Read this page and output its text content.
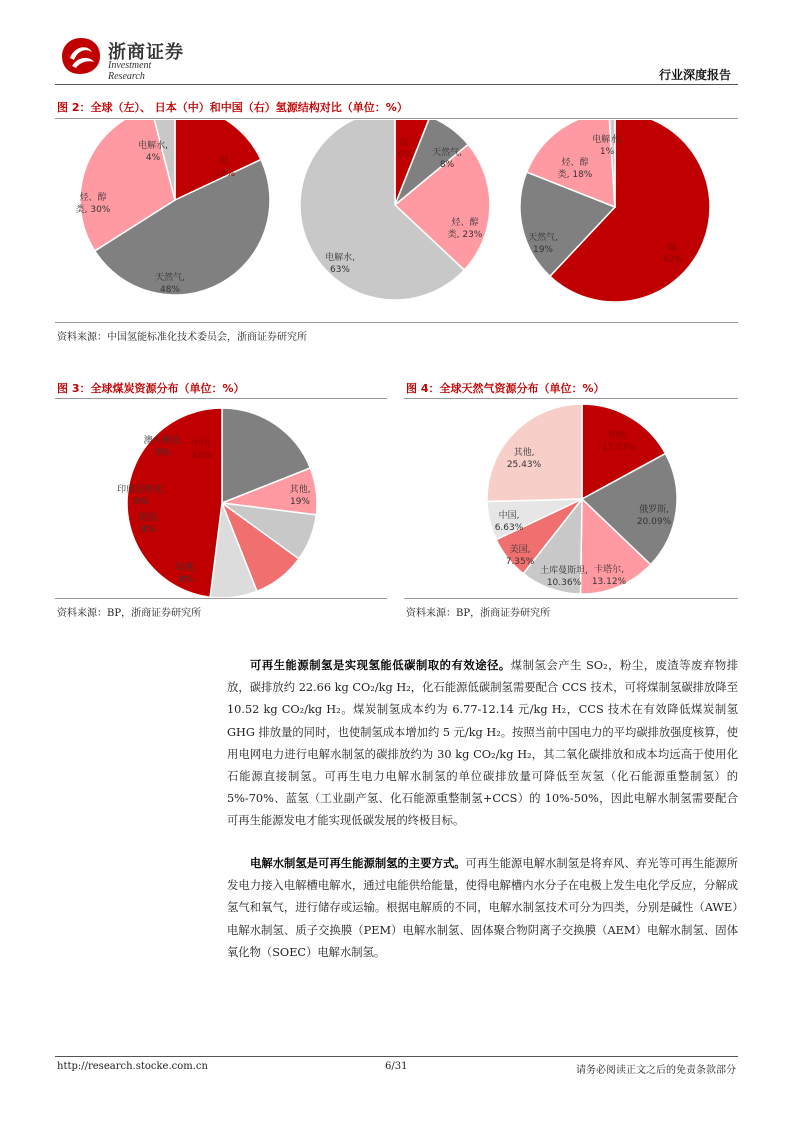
浙商证券
Investment Research	行业深度报告
图 2：全球（左）、 日本（中）和中国（右）氢源结构对比（单位：%）
煤, 18%
天然气, 48%
烃、醇类, 30%
电解水, 4%
煤, 6% 天然气, 8%
烃、醇类, 23%
电解水, 63%
煤, 62%
天然气, 19%
烃、醇类, 18%
电解水, 1%
资料来源：中国氢能标准化技术委员会，浙商证券研究所
图 3：全球煤炭资源分布（单位：%）
其他, 19%
印度, 8%
美国, 8%
印度尼西亚, 9%
澳大利亚, 8%
中国, 48%
资料来源：BP，浙商证券研究所
图 4：全球天然气资源分布（单位：%）
伊朗, 17.07%
俄罗斯, 20.09%
卡塔尔, 13.12%
土库曼斯坦, 10.36%
美国, 7.35%
中国, 6.63%
其他, 25.43%
资料来源：BP，浙商证券研究所
可再生能源制氢是实现氢能低碳制取的有效途径。煤制氢会产生 SO₂，粉尘，废渣等废弃物排放，碳排放约 22.66 kg CO₂/kg H₂，化石能源低碳制氢需要配合 CCS 技术，可将煤制氢碳排放降至 10.52 kg CO₂/kg H₂。煤炭制氢成本约为 6.77-12.14 元/kg H₂，CCS 技术在有效降低煤炭制氢 GHG 排放量的同时，也使制氢成本增加约 5 元/kg H₂。按照当前中国电力的平均碳排放强度核算，使用电网电力进行电解水制氢的碳排放约为 30 kg CO₂/kg H₂，其二氧化碳排放和成本均远高于使用化石能源直接制氢。可再生电力电解水制氢的单位碳排放量可降低至灰氢（化石能源重整制氢）的 5%-70%、蓝氢（工业副产氢、化石能源重整制氢+CCS）的 10%-50%，因此电解水制氢需要配合可再生能源发电才能实现低碳发展的终极目标。
电解水制氢是可再生能源制氢的主要方式。可再生能源电解水制氢是将弃风、弃光等可再生能源所发电力接入电解槽电解水，通过电能供给能量，使得电解槽内水分子在电极上发生电化学反应，分解成氢气和氧气，进行储存或运输。根据电解质的不同，电解水制氢技术可分为四类，分别是碱性（AWE）电解水制氢、质子交换膜（PEM）电解水制氢、固体聚合物阴离子交换膜（AEM）电解水制氢、固体氧化物（SOEC）电解水制氢。
http://research.stocke.com.cn	6/31	请务必阅读正文之后的免责条款部分
